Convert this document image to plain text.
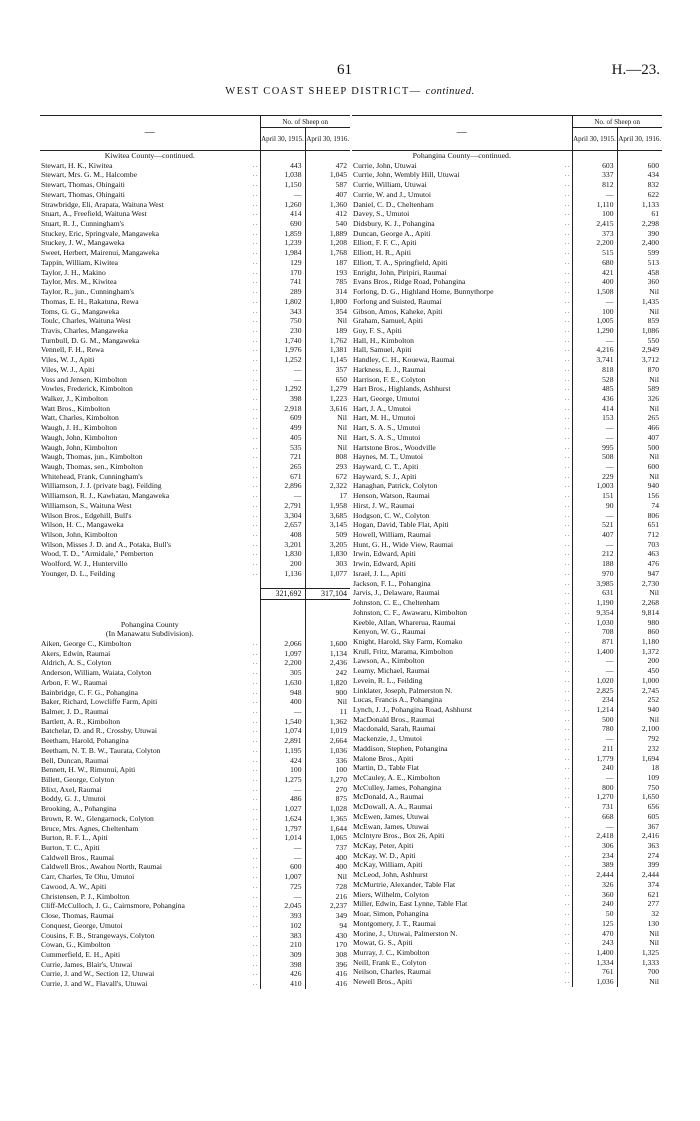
61	H.—23.
WEST COAST SHEEP DISTRICT— continued.
—		No. of Sheep on	
		April 30, 1915.	April 30, 1916.
Kiwitea County—continued.			
Stewart, H. K., Kiwitea	. .	443	472
Stewart, Mrs. G. M., Halcombe	. .	1,038	1,045
Stewart, Thomas, Ohingaiti	. .	1,150	587
Stewart, Thomas, Ohingaiti	. .	—	407
Strawbridge, Eli, Arapata, Waituna West	. .	1,260	1,360
Stuart, A., Freefield, Waituna West	. .	414	412
Stuart, R. J., Cunningham's	. .	690	540
Stuckey, Eric, Springvale, Mangaweka	. .	1,859	1,889
Stuckey, J. W., Mangaweka	. .	1,239	1,208
Sweet, Herbert, Mairenui, Mangaweka	. .	1,984	1,768
Tappin, William, Kiwitea	. .	129	187
Taylor, J. H., Makino	. .	170	193
Taylor, Mrs. M., Kiwitea	. .	741	785
Taylor, R., jun., Cunningham's	. .	289	314
Thomas, E. H., Rakatuna, Rewa	. .	1,802	1,800
Toms, G. G., Mangaweka	. .	343	354
Toulc, Charles, Waituna West	. .	750	Nil
Travis, Charles, Mangaweka	. .	230	189
Turnbull, D. G. M., Mangaweka	. .	1,740	1,762
Vennell, F. H., Rewa	. .	1,976	1,381
Viles, W. J., Apiti	. .	1,252	1,145
Viles, W. J., Apiti	. .	—	357
Voss and Jensen, Kimbolton	. .	—	650
Vowles, Frederick, Kimbolton	. .	1,292	1,279
Walker, J., Kimbolton	. .	398	1,223
Watt Bros., Kimbolton	. .	2,918	3,616
Watt, Charles, Kimbolton	. .	609	Nil
Waugh, J. H., Kimbolton	. .	499	Nil
Waugh, John, Kimbolton	. .	405	Nil
Waugh, John, Kimbolton	. .	535	Nil
Waugh, Thomas, jun., Kimbolton	. .	721	808
Waugh, Thomas, sen., Kimbolton	. .	265	293
Whitehead, Frank, Cunningham's	. .	671	672
Williamson, J. J. (private bag), Feilding	. .	2,896	2,322
Williamson, R. J., Kawhatau, Mangaweka	. .	—	17
Williamson, S., Waituna West	. .	2,791	1,958
Wilson Bros., Edgehill, Bull's	. .	3,304	3,685
Wilson, H. C., Mangaweka	. .	2,657	3,145
Wilson, John, Kimbolton	. .	408	509
Wilson, Misses J. D. and A., Potaka, Bull's	. .	3,201	3,205
Wood, T. D., "Armidale," Pemberton	. .	1,830	1,830
Woolford, W. J., Huntervillo	. .	200	303
Younger, D. L., Feilding	. .	1,136	1,077

		321,692	317,104

Pohangina County			
(In Manawatu Subdivision).			
Aiken, George C., Kimbolton	. .	2,066	1,600
Akers, Edwin, Raumai	. .	1,097	1,134
Aldrich, A. S., Colyton	. .	2,200	2,436
Anderson, William, Waiata, Colyton	. .	305	242
Arbon, F. W., Raumai	. .	1,630	1,820
Bainbridge, C. F. G., Pohangina	. .	948	900
Baker, Richard, Lowcliffe Farm, Apiti	. .	400	Nil
Balmer, J. D., Raumai	. .	—	11
Bartlett, A. R., Kimbolton	. .	1,540	1,362
Batchelar, D. and R., Crossby, Utuwai	. .	1,074	1,019
Beetham, Harold, Pohangina	. .	2,891	2,664
Beetham, N. T. B. W., Taurata, Colyton	. .	1,195	1,036
Bell, Duncan, Raumai	. .	424	336
Bennett, H. W., Rimunui, Apiti	. .	100	100
Billett, George, Colyton	. .	1,275	1,270
Blixt, Axel, Raumai	. .	—	270
Boddy, G. J., Umutoi	. .	486	875
Brooking, A., Pohangina	. .	1,027	1,028
Brown, R. W., Glengarnock, Colyton	. .	1,624	1,365
Bruce, Mrs. Agnes, Cheltenham	. .	1,797	1,644
Burton, R. F. L., Apiti	. .	1,014	1,065
Burton, T. C., Apiti	. .	—	737
Caldwell Bros., Raumai	. .	—	400
Caldwell Bros., Awahou North, Raumai	. .	600	400
Carr, Charles, Te Ohu, Umutoi	. .	1,007	Nil
Cawood, A. W., Apiti	. .	725	728
Christensen, P. J., Kimbolton	. .	—	216
Cliff-McCulloch, J. G., Cairnsmore, Pohangina	. .	2,045	2,237
Close, Thomas, Raumai	. .	393	349
Conquest, George, Umutoi	. .	102	94
Cousins, F. B., Strangeways, Colyton	. .	383	430
Cowan, G., Kimbolton	. .	210	170
Cummerfield, E. H., Apiti	. .	309	308
Currie, James, Blair's, Utuwai	. .	398	396
Currie, J. and W., Section 12, Utuwai	. .	426	416
Currie, J. and W., Flavall's, Utuwai	. .	410	416
—		No. of Sheep on	
		April 30, 1915.	April 30, 1916.
Pohangina County—continued.			
Currie, John, Utuwai	. .	603	600
Currie, John, Wembly Hill, Utuwai	. .	337	434
Currie, William, Utuwai	. .	812	832
Currie, W. and J., Umutoi	. .	—	622
Daniel, C. D., Cheltenham	. .	1,110	1,133
Davey, S., Umutoi	. .	100	61
Didsbury, K. J., Pohangina	. .	2,415	2,298
Duncan, George A., Apiti	. .	373	390
Elliott, F. F. C., Apiti	. .	2,200	2,400
Elliott, H. R., Apiti	. .	515	599
Elliott, T. A., Springfield, Apiti	. .	680	513
Enright, John, Piripiri, Raumai	. .	421	458
Evans Bros., Ridge Road, Pohangina	. .	400	360
Forlong, D. G., Highland Home, Bunnythorpe	. .	1,508	Nil
Forlong and Suisted, Raumai	. .	—	1,435
Gibson, Amos, Kaheke, Apiti	. .	100	Nil
Graham, Samuel, Apiti	. .	1,005	859
Guy, F. S., Apiti	. .	1,290	1,086
Hall, H., Kimbolton	. .	—	550
Hall, Samuel, Apiti	. .	4,216	2,949
Handley, C. H., Kouewa, Raumai	. .	3,741	3,712
Harkness, E. J., Raumai	. .	818	870
Harrison, F. E., Colyton	. .	528	Nil
Hart Bros., Highlands, Ashhurst	. .	485	589
Hart, George, Umutoi	. .	436	326
Hart, J. A., Umutoi	. .	414	Nil
Hart, M. H., Umutoi	. .	153	265
Hart, S. A. S., Umutoi	. .	—	466
Hart, S. A. S., Umutoi	. .	—	407
Hartstone Bros., Woodville	. .	995	500
Haynes, M. T., Umutoi	. .	508	Nil
Hayward, C. T., Apiti	. .	—	600
Hayward, S. J., Apiti	. .	229	Nil
Hanaghan, Patrick, Colyton	. .	1,003	940
Henson, Watson, Raumai	. .	151	156
Hirst, J. W., Raumai	. .	90	74
Hodgson, C. W., Colyton	. .	—	806
Hogan, David, Table Flat, Apiti	. .	521	651
Howell, William, Raumai	. .	407	712
Hunt, G. H., Wide View, Raumai	. .	—	703
Irwin, Edward, Apiti	. .	212	463
Irwin, Edward, Apiti	. .	188	476
Israel, J. L., Apiti	. .	970	947
Jackson, F. L., Pohangina	. .	3,985	2,730
Jarvis, J., Delaware, Raumai	. .	631	Nil
Johnston, C. E., Cheltenham	. .	1,190	2,268
Johnston, C. F., Awawaru, Kimbolton	. .	9,354	9,814
Keeble, Allan, Wharerua, Raumai	. .	1,030	980
Kenyon, W. G., Raumai	. .	708	860
Knight, Harold, Sky Farm, Komako	. .	871	1,180
Krull, Fritz, Marama, Kimbolton	. .	1,400	1,372
Lawson, A., Kimbolton	. .	—	200
Leamy, Michael, Raumai	. .	—	450
Levein, R. L., Feilding	. .	1,020	1,000
Linklater, Joseph, Palmerston N.	. .	2,825	2,745
Lucas, Francis A., Pohangina	. .	234	252
Lynch, J. J., Pohangina Road, Ashhurst	. .	1,214	940
MacDonald Bros., Raumai	. .	500	Nil
Macdonald, Sarah, Raumai	. .	780	2,100
Mackenzie, J., Umutoi	. .	—	792
Maddison, Stephen, Pohangina	. .	211	232
Malone Bros., Apiti	. .	1,779	1,694
Martin, D., Table Flat	. .	240	18
McCauley, A. E., Kimbolton	. .	—	109
McCulley, James, Pohangina	. .	800	750
McDonald, A., Raumai	. .	1,270	1,650
McDowall, A. A., Raumai	. .	731	656
McEwen, James, Utuwai	. .	668	605
McEwan, James, Utuwai	. .	—	367
McIntyre Bros., Box 26, Apiti	. .	2,418	2,416
McKay, Peter, Apiti	. .	306	363
McKay, W. D., Apiti	. .	234	274
McKay, William, Apiti	. .	389	399
McLeod, John, Ashhurst	. .	2,444	2,444
McMurtrie, Alexander, Table Flat	. .	326	374
Miers, Wilhelm, Colyton	. .	360	621
Miller, Edwin, East Lynne, Table Flat	. .	240	277
Moar, Simon, Pohangina	. .	50	32
Montgomery, J. T., Raumai	. .	125	130
Morine, J., Utuwai, Palmerston N.	. .	470	Nil
Mowat, G. S., Apiti	. .	243	Nil
Murray, J. C., Kimbolton	. .	1,400	1,325
Neill, Frank E., Colyton	. .	1,334	1,333
Neilson, Charles, Raumai	. .	761	700
Newell Bros., Apiti	. .	1,036	Nil
